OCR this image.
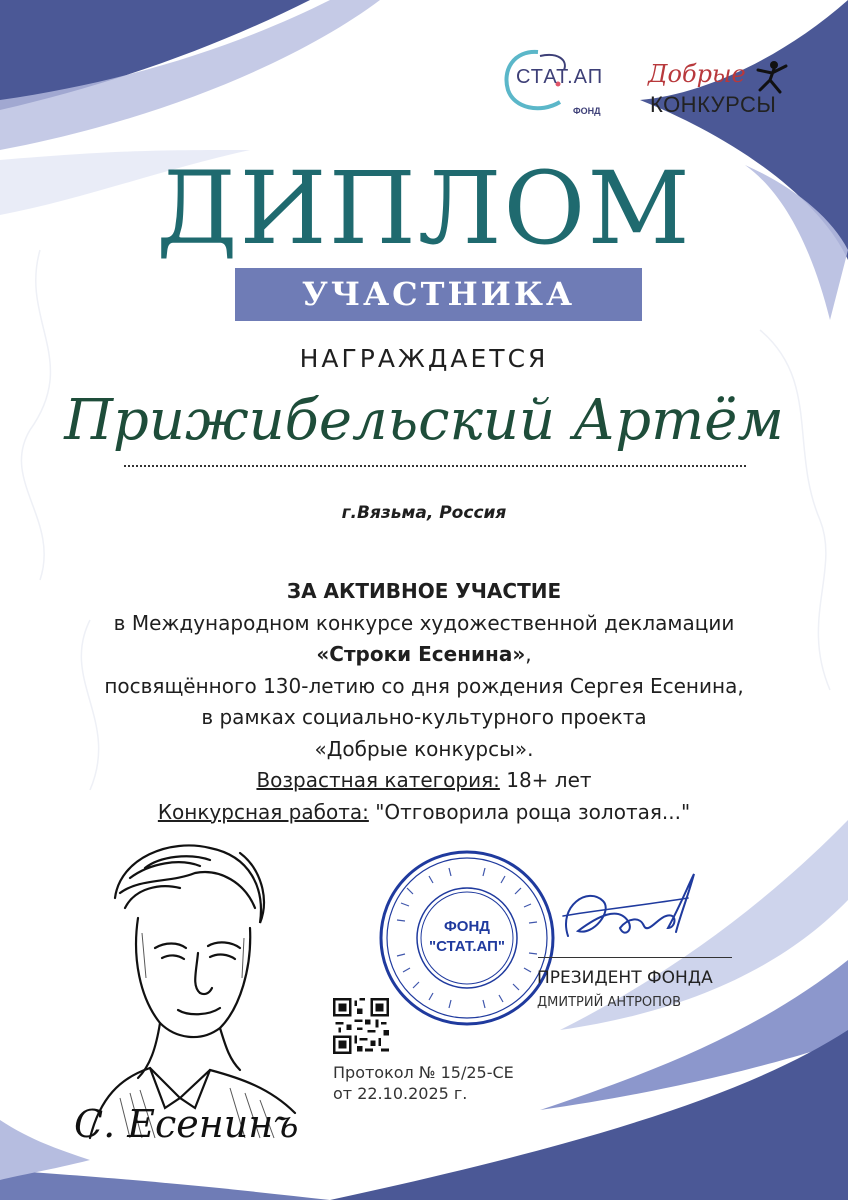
СТАТ.АП
ФОНД
Добрые
КОНКУРСЫ
ДИПЛОМ
УЧАСТНИКА
НАГРАЖДАЕТСЯ
Прижибельский Артём
г.Вязьма, Россия
ЗА АКТИВНОЕ УЧАСТИЕ
в Международном конкурсе художественной декламации
«Строки Есенина»,
посвящённого 130-летию со дня рождения Сергея Есенина,
в рамках социально-культурного проекта
«Добрые конкурсы».
Возрастная категория: 18+ лет
Конкурсная работа: "Отговорила роща золотая..."
С. Есенинъ
Протокол № 15/25-СЕ
от 22.10.2025 г.
ФОНД
"СТАТ.АП"
ПРЕЗИДЕНТ ФОНДА
ДМИТРИЙ АНТРОПОВ
